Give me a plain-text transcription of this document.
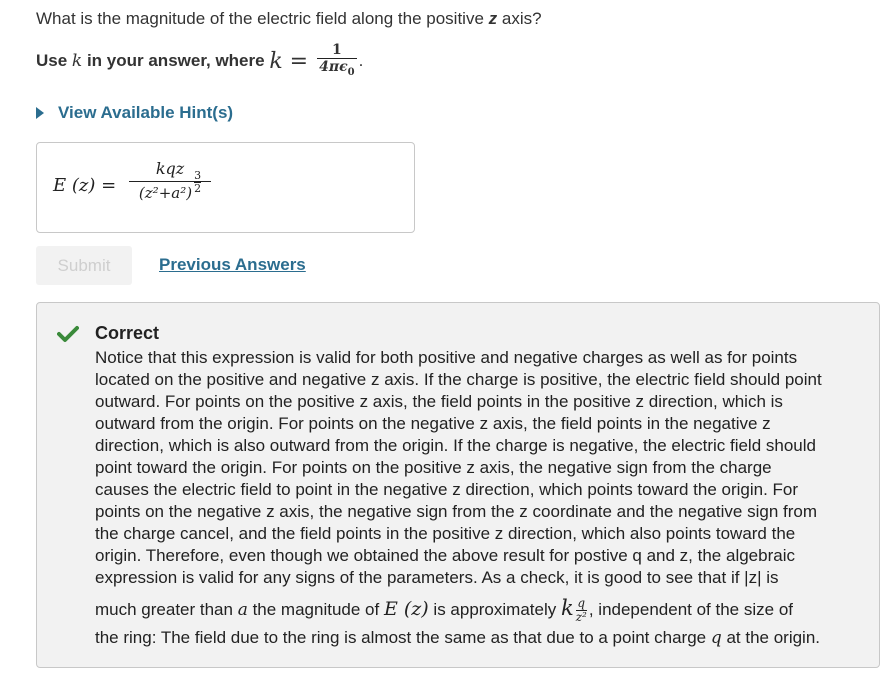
What is the magnitude of the electric field along the positive z axis?
Use k in your answer, where $k = \frac{1}{4\pi\epsilon_0}$ .
View Available Hint(s)
E (z) =
kqz
$(z^2+a^2) \frac{3}{2}$
Submit	Previous Answers
Correct
Notice that this expression is valid for both positive and negative charges as well as for points
located on the positive and negative z axis. If the charge is positive, the electric field should point
outward. For points on the positive z axis, the field points in the positive z direction, which is
outward from the origin. For points on the negative z axis, the field points in the negative z
direction, which is also outward from the origin. If the charge is negative, the electric field should
point toward the origin. For points on the positive z axis, the negative sign from the charge
causes the electric field to point in the negative z direction, which points toward the origin. For
points on the negative z axis, the negative sign from the z coordinate and the negative sign from
the charge cancel, and the field points in the positive z direction, which also points toward the
origin. Therefore, even though we obtained the above result for postive q and z, the algebraic
expression is valid for any signs of the parameters. As a check, it is good to see that if |z| is
much greater than a the magnitude of E (z) is approximately k $\frac{q}{\text{z²}}$ , independent of the size of
the ring: The field due to the ring is almost the same as that due to a point charge q at the origin.
